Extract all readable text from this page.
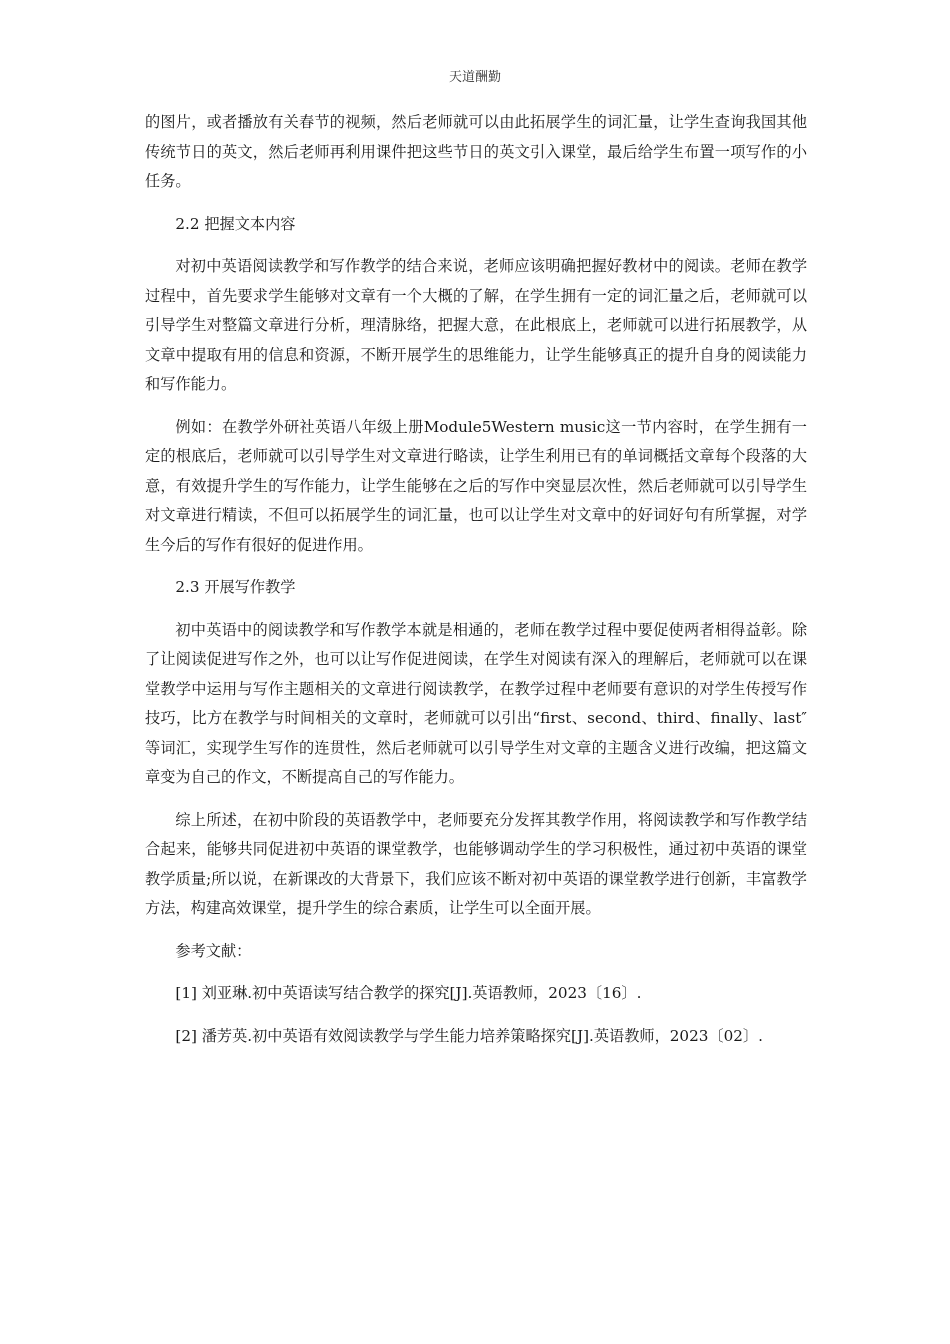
天道酬勤

的图片，或者播放有关春节的视频，然后老师就可以由此拓展学生的词汇量，让学生查询我国其他传统节日的英文，然后老师再利用课件把这些节日的英文引入课堂，最后给学生布置一项写作的小任务。

2.2 把握文本内容

对初中英语阅读教学和写作教学的结合来说，老师应该明确把握好教材中的阅读。老师在教学过程中，首先要求学生能够对文章有一个大概的了解，在学生拥有一定的词汇量之后，老师就可以引导学生对整篇文章进行分析，理清脉络，把握大意，在此根底上，老师就可以进行拓展教学，从文章中提取有用的信息和资源，不断开展学生的思维能力，让学生能够真正的提升自身的阅读能力和写作能力。

例如：在教学外研社英语八年级上册Module5Western music这一节内容时，在学生拥有一定的根底后，老师就可以引导学生对文章进行略读，让学生利用已有的单词概括文章每个段落的大意，有效提升学生的写作能力，让学生能够在之后的写作中突显层次性，然后老师就可以引导学生对文章进行精读，不但可以拓展学生的词汇量，也可以让学生对文章中的好词好句有所掌握，对学生今后的写作有很好的促进作用。

2.3 开展写作教学

初中英语中的阅读教学和写作教学本就是相通的，老师在教学过程中要促使两者相得益彰。除了让阅读促进写作之外，也可以让写作促进阅读，在学生对阅读有深入的理解后，老师就可以在课堂教学中运用与写作主题相关的文章进行阅读教学，在教学过程中老师要有意识的对学生传授写作技巧，比方在教学与时间相关的文章时，老师就可以引出“first、second、third、finally、last″等词汇，实现学生写作的连贯性，然后老师就可以引导学生对文章的主题含义进行改编，把这篇文章变为自己的作文，不断提高自己的写作能力。

综上所述，在初中阶段的英语教学中，老师要充分发挥其教学作用，将阅读教学和写作教学结合起来，能够共同促进初中英语的课堂教学，也能够调动学生的学习积极性，通过初中英语的课堂教学质量;所以说，在新课改的大背景下，我们应该不断对初中英语的课堂教学进行创新，丰富教学方法，构建高效课堂，提升学生的综合素质，让学生可以全面开展。

参考文献：

[1] 刘亚琳.初中英语读写结合教学的探究[J].英语教师，2023〔16〕.

[2] 潘芳英.初中英语有效阅读教学与学生能力培养策略探究[J].英语教师，2023〔02〕.
